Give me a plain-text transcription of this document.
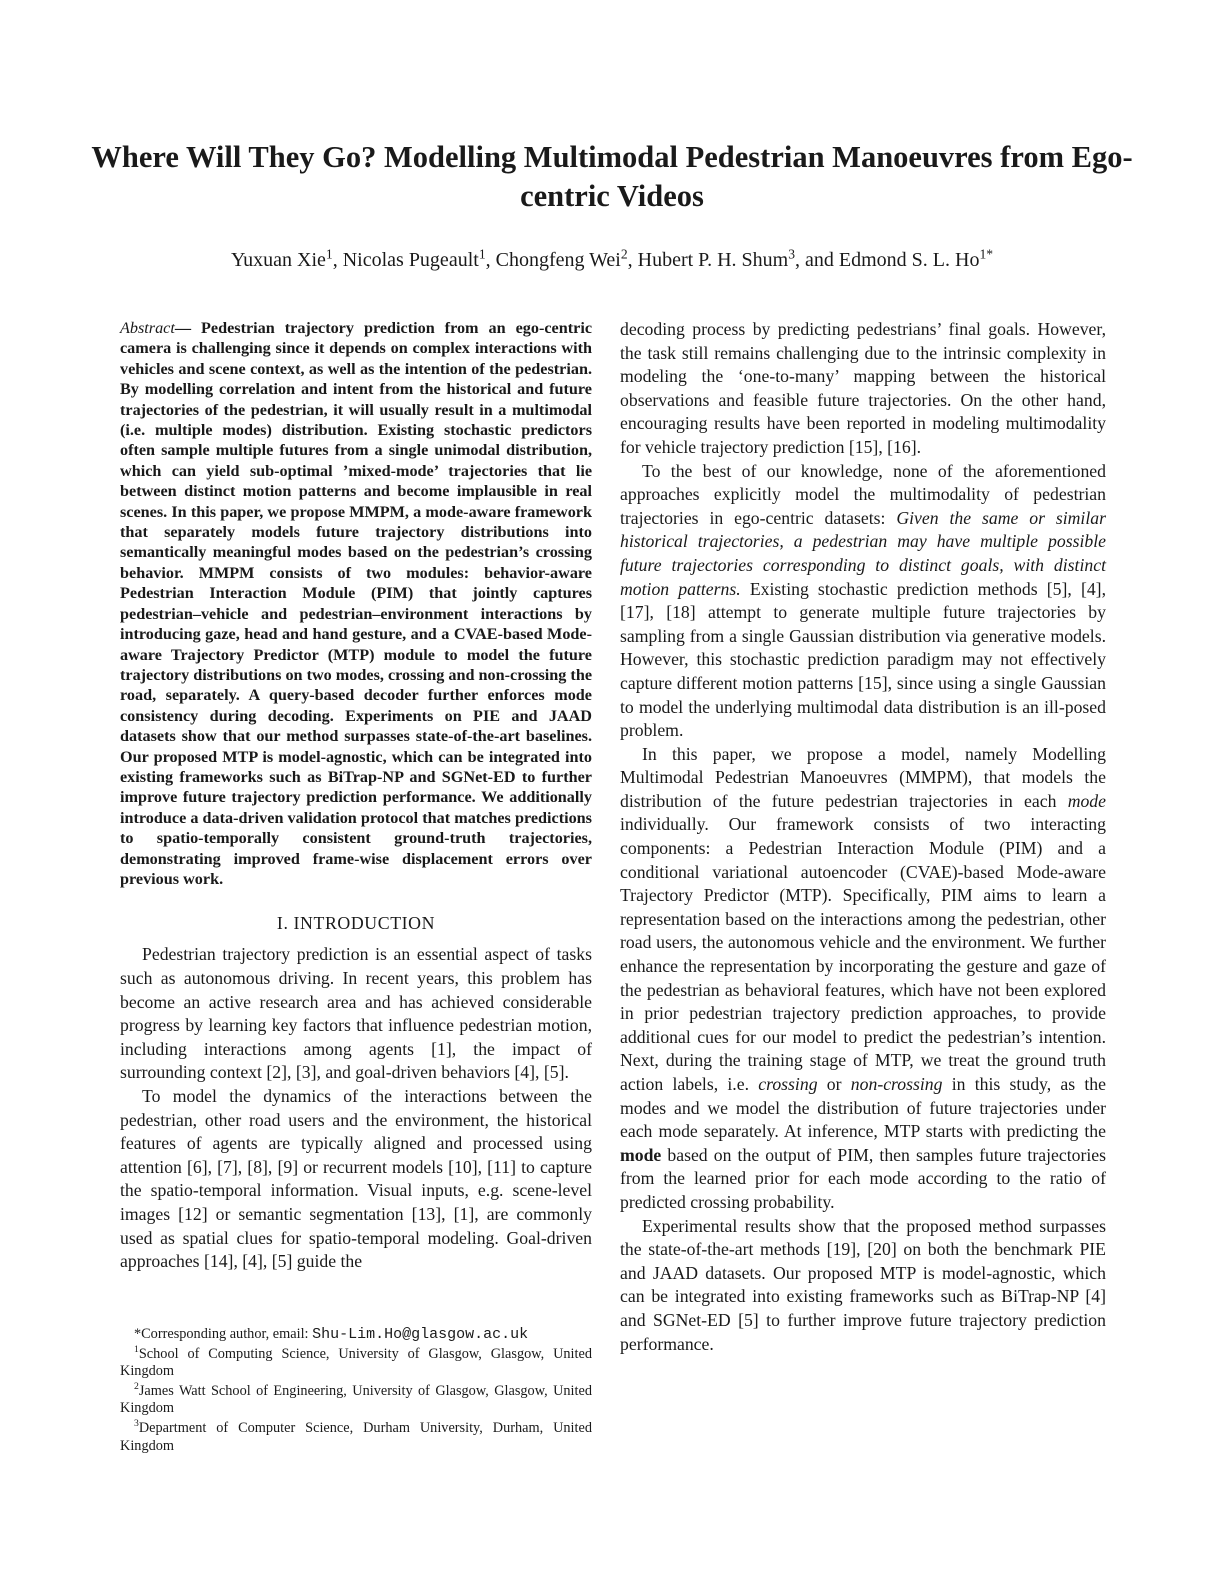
Where Will They Go? Modelling Multimodal Pedestrian Manoeuvres from Ego-centric Videos
Yuxuan Xie$^1$, Nicolas Pugeault$^1$, Chongfeng Wei$^2$, Hubert P. H. Shum$^3$, and Edmond S. L. $Ho^{1*}$

Abstract— Pedestrian trajectory prediction from an ego-centric camera is challenging since it depends on complex interactions with vehicles and scene context, as well as the intention of the pedestrian. By modelling correlation and intent from the historical and future trajectories of the pedestrian, it will usually result in a multimodal (i.e. multiple modes) distribution. Existing stochastic predictors often sample multiple futures from a single unimodal distribution, which can yield sub-optimal ’mixed-mode’ trajectories that lie between distinct motion patterns and become implausible in real scenes. In this paper, we propose MMPM, a mode-aware framework that separately models future trajectory distributions into semantically meaningful modes based on the pedestrian’s crossing behavior. MMPM consists of two modules: behavior-aware Pedestrian Interaction Module (PIM) that jointly captures pedestrian–vehicle and pedestrian–environment interactions by introducing gaze, head and hand gesture, and a CVAE-based Mode-aware Trajectory Predictor (MTP) module to model the future trajectory distributions on two modes, crossing and non-crossing the road, separately. A query-based decoder further enforces mode consistency during decoding. Experiments on PIE and JAAD datasets show that our method surpasses state-of-the-art baselines. Our proposed MTP is model-agnostic, which can be integrated into existing frameworks such as BiTrap-NP and SGNet-ED to further improve future trajectory prediction performance. We additionally introduce a data-driven validation protocol that matches predictions to spatio-temporally consistent ground-truth trajectories, demonstrating improved frame-wise displacement errors over previous work.

I. INTRODUCTION

Pedestrian trajectory prediction is an essential aspect of tasks such as autonomous driving. In recent years, this problem has become an active research area and has achieved considerable progress by learning key factors that influence pedestrian motion, including interactions among agents [1], the impact of surrounding context [2], [3], and goal-driven behaviors [4], [5].

To model the dynamics of the interactions between the pedestrian, other road users and the environment, the historical features of agents are typically aligned and processed using attention [6], [7], [8], [9] or recurrent models [10], [11] to capture the spatio-temporal information. Visual inputs, e.g. scene-level images [12] or semantic segmentation [13], [1], are commonly used as spatial clues for spatio-temporal modeling. Goal-driven approaches [14], [4], [5] guide the

*Corresponding author, email: Shu-Lim.Ho@glasgow.ac.uk

$^1$School of Computing Science, University of Glasgow, Glasgow, United Kingdom

$^2$James Watt School of Engineering, University of Glasgow, Glasgow, United Kingdom

$^3$Department of Computer Science, Durham University, Durham, United Kingdom

decoding process by predicting pedestrians’ final goals. However, the task still remains challenging due to the intrinsic complexity in modeling the ‘one-to-many’ mapping between the historical observations and feasible future trajectories. On the other hand, encouraging results have been reported in modeling multimodality for vehicle trajectory prediction [15], [16].

To the best of our knowledge, none of the aforementioned approaches explicitly model the multimodality of pedestrian trajectories in ego-centric datasets: Given the same or similar historical trajectories, a pedestrian may have multiple possible future trajectories corresponding to distinct goals, with distinct motion patterns. Existing stochastic prediction methods [5], [4], [17], [18] attempt to generate multiple future trajectories by sampling from a single Gaussian distribution via generative models. However, this stochastic prediction paradigm may not effectively capture different motion patterns [15], since using a single Gaussian to model the underlying multimodal data distribution is an ill-posed problem.

In this paper, we propose a model, namely Modelling Multimodal Pedestrian Manoeuvres (MMPM), that models the distribution of the future pedestrian trajectories in each mode individually. Our framework consists of two interacting components: a Pedestrian Interaction Module (PIM) and a conditional variational autoencoder (CVAE)-based Mode-aware Trajectory Predictor (MTP). Specifically, PIM aims to learn a representation based on the interactions among the pedestrian, other road users, the autonomous vehicle and the environment. We further enhance the representation by incorporating the gesture and gaze of the pedestrian as behavioral features, which have not been explored in prior pedestrian trajectory prediction approaches, to provide additional cues for our model to predict the pedestrian’s intention. Next, during the training stage of MTP, we treat the ground truth action labels, i.e. crossing or non-crossing in this study, as the modes and we model the distribution of future trajectories under each mode separately. At inference, MTP starts with predicting the mode based on the output of PIM, then samples future trajectories from the learned prior for each mode according to the ratio of predicted crossing probability.

Experimental results show that the proposed method surpasses the state-of-the-art methods [19], [20] on both the benchmark PIE and JAAD datasets. Our proposed MTP is model-agnostic, which can be integrated into existing frameworks such as BiTrap-NP [4] and SGNet-ED [5] to further improve future trajectory prediction performance.
